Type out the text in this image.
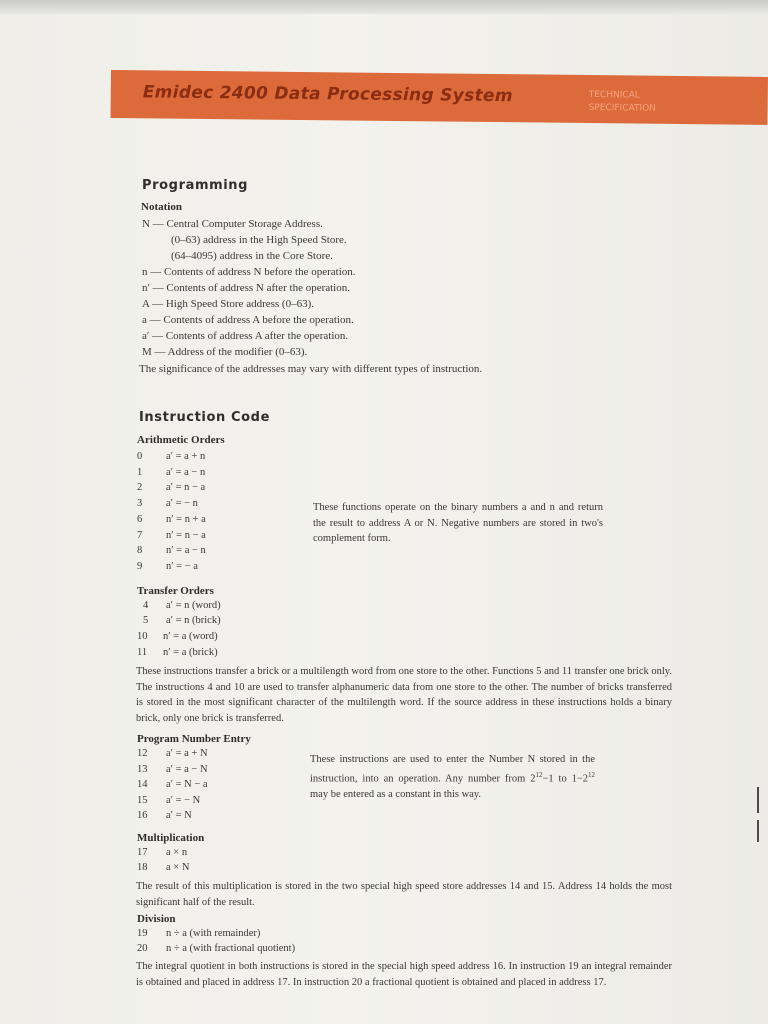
Emidec 2400 Data Processing System	TECHNICAL
SPECIFICATION
Programming
Notation
N — Central Computer Storage Address.
(0–63) address in the High Speed Store.
(64–4095) address in the Core Store.
n — Contents of address N before the operation.
n′ — Contents of address N after the operation.
A — High Speed Store address (0–63).
a — Contents of address A before the operation.
a′ — Contents of address A after the operation.
M — Address of the modifier (0–63).
The significance of the addresses may vary with different types of instruction.
Instruction Code
Arithmetic Orders
0 a′ = a + n
1 a′ = a − n
2 a′ = n − a
3 a′ = − n
6 n′ = n + a
7 n′ = n − a
8 n′ = a − n
9 n′ = − a
These functions operate on the binary numbers a and n and return the result to address A or N. Negative numbers are stored in two's complement form.
Transfer Orders
4 a′ = n (word)
5 a′ = n (brick)
10 n′ = a (word)
11 n′ = a (brick)
These instructions transfer a brick or a multilength word from one store to the other. Functions 5 and 11 transfer one brick only. The instructions 4 and 10 are used to transfer alphanumeric data from one store to the other. The number of bricks transferred is stored in the most significant character of the multilength word. If the source address in these instructions holds a binary brick, only one brick is transferred.
Program Number Entry
12 a′ = a + N
13 a′ = a − N
14 a′ = N − a
15 a′ = − N
16 a′ = N
These instructions are used to enter the Number N stored in the instruction, into an operation. Any number from $2^{12}-1$ to $1-2^{12}$ may be entered as a constant in this way.
Multiplication
17 a × n
18 a × N
The result of this multiplication is stored in the two special high speed store addresses 14 and 15. Address 14 holds the most significant half of the result.
Division
19 n ÷ a (with remainder)
20 n ÷ a (with fractional quotient)
The integral quotient in both instructions is stored in the special high speed address 16. In instruction 19 an integral remainder is obtained and placed in address 17. In instruction 20 a fractional quotient is obtained and placed in address 17.
